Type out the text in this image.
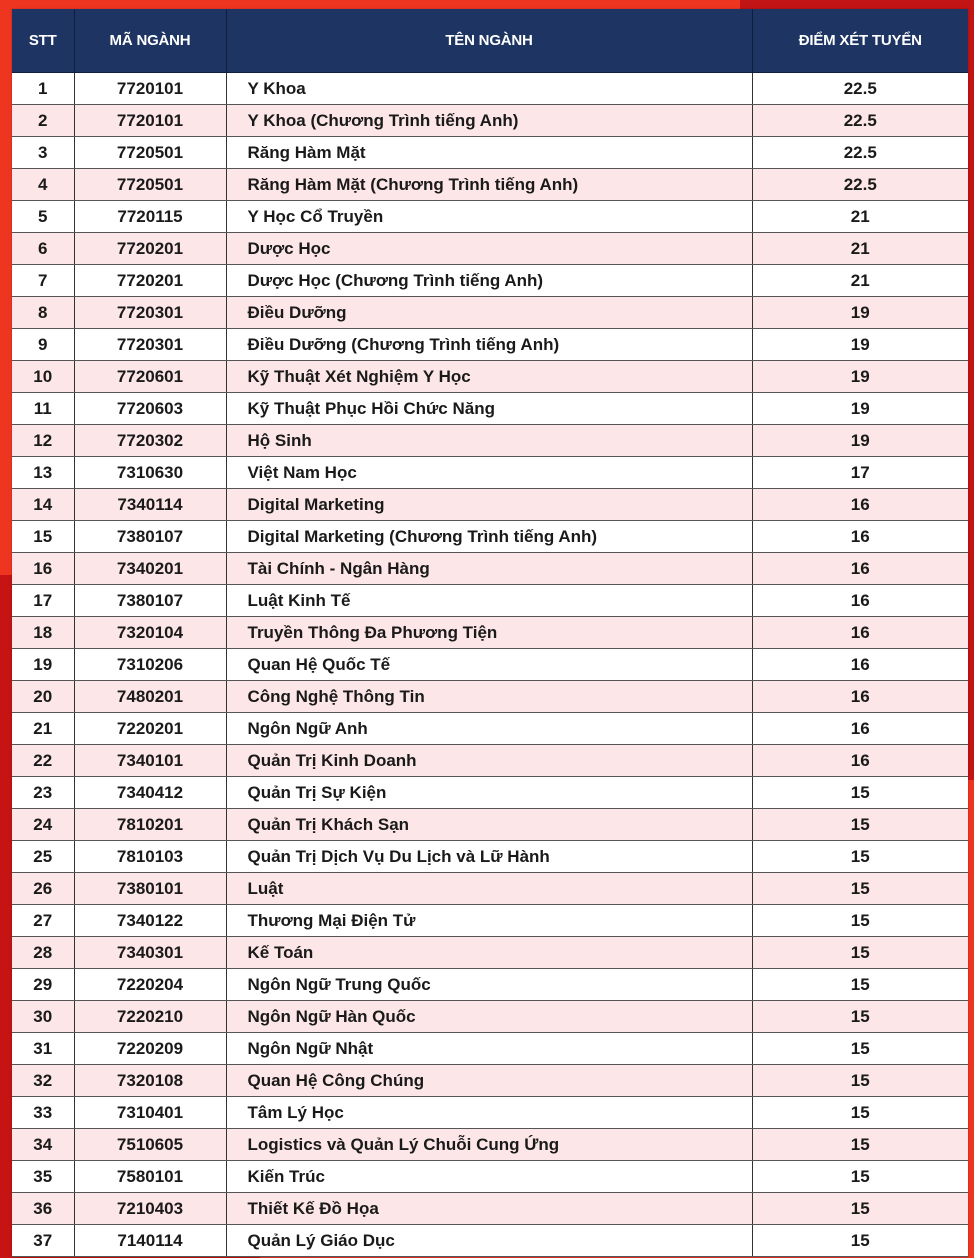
STT	MÃ NGÀNH	TÊN NGÀNH	ĐIỂM XÉT TUYỂN
1	7720101	Y Khoa	22.5
2	7720101	Y Khoa (Chương Trình tiếng Anh)	22.5
3	7720501	Răng Hàm Mặt	22.5
4	7720501	Răng Hàm Mặt (Chương Trình tiếng Anh)	22.5
5	7720115	Y Học Cổ Truyền	21
6	7720201	Dược Học	21
7	7720201	Dược Học (Chương Trình tiếng Anh)	21
8	7720301	Điều Dưỡng	19
9	7720301	Điều Dưỡng (Chương Trình tiếng Anh)	19
10	7720601	Kỹ Thuật Xét Nghiệm Y Học	19
11	7720603	Kỹ Thuật Phục Hồi Chức Năng	19
12	7720302	Hộ Sinh	19
13	7310630	Việt Nam Học	17
14	7340114	Digital Marketing	16
15	7380107	Digital Marketing (Chương Trình tiếng Anh)	16
16	7340201	Tài Chính - Ngân Hàng	16
17	7380107	Luật Kinh Tế	16
18	7320104	Truyền Thông Đa Phương Tiện	16
19	7310206	Quan Hệ Quốc Tế	16
20	7480201	Công Nghệ Thông Tin	16
21	7220201	Ngôn Ngữ Anh	16
22	7340101	Quản Trị Kinh Doanh	16
23	7340412	Quản Trị Sự Kiện	15
24	7810201	Quản Trị Khách Sạn	15
25	7810103	Quản Trị Dịch Vụ Du Lịch và Lữ Hành	15
26	7380101	Luật	15
27	7340122	Thương Mại Điện Tử	15
28	7340301	Kế Toán	15
29	7220204	Ngôn Ngữ Trung Quốc	15
30	7220210	Ngôn Ngữ Hàn Quốc	15
31	7220209	Ngôn Ngữ Nhật	15
32	7320108	Quan Hệ Công Chúng	15
33	7310401	Tâm Lý Học	15
34	7510605	Logistics và Quản Lý Chuỗi Cung Ứng	15
35	7580101	Kiến Trúc	15
36	7210403	Thiết Kế Đồ Họa	15
37	7140114	Quản Lý Giáo Dục	15
